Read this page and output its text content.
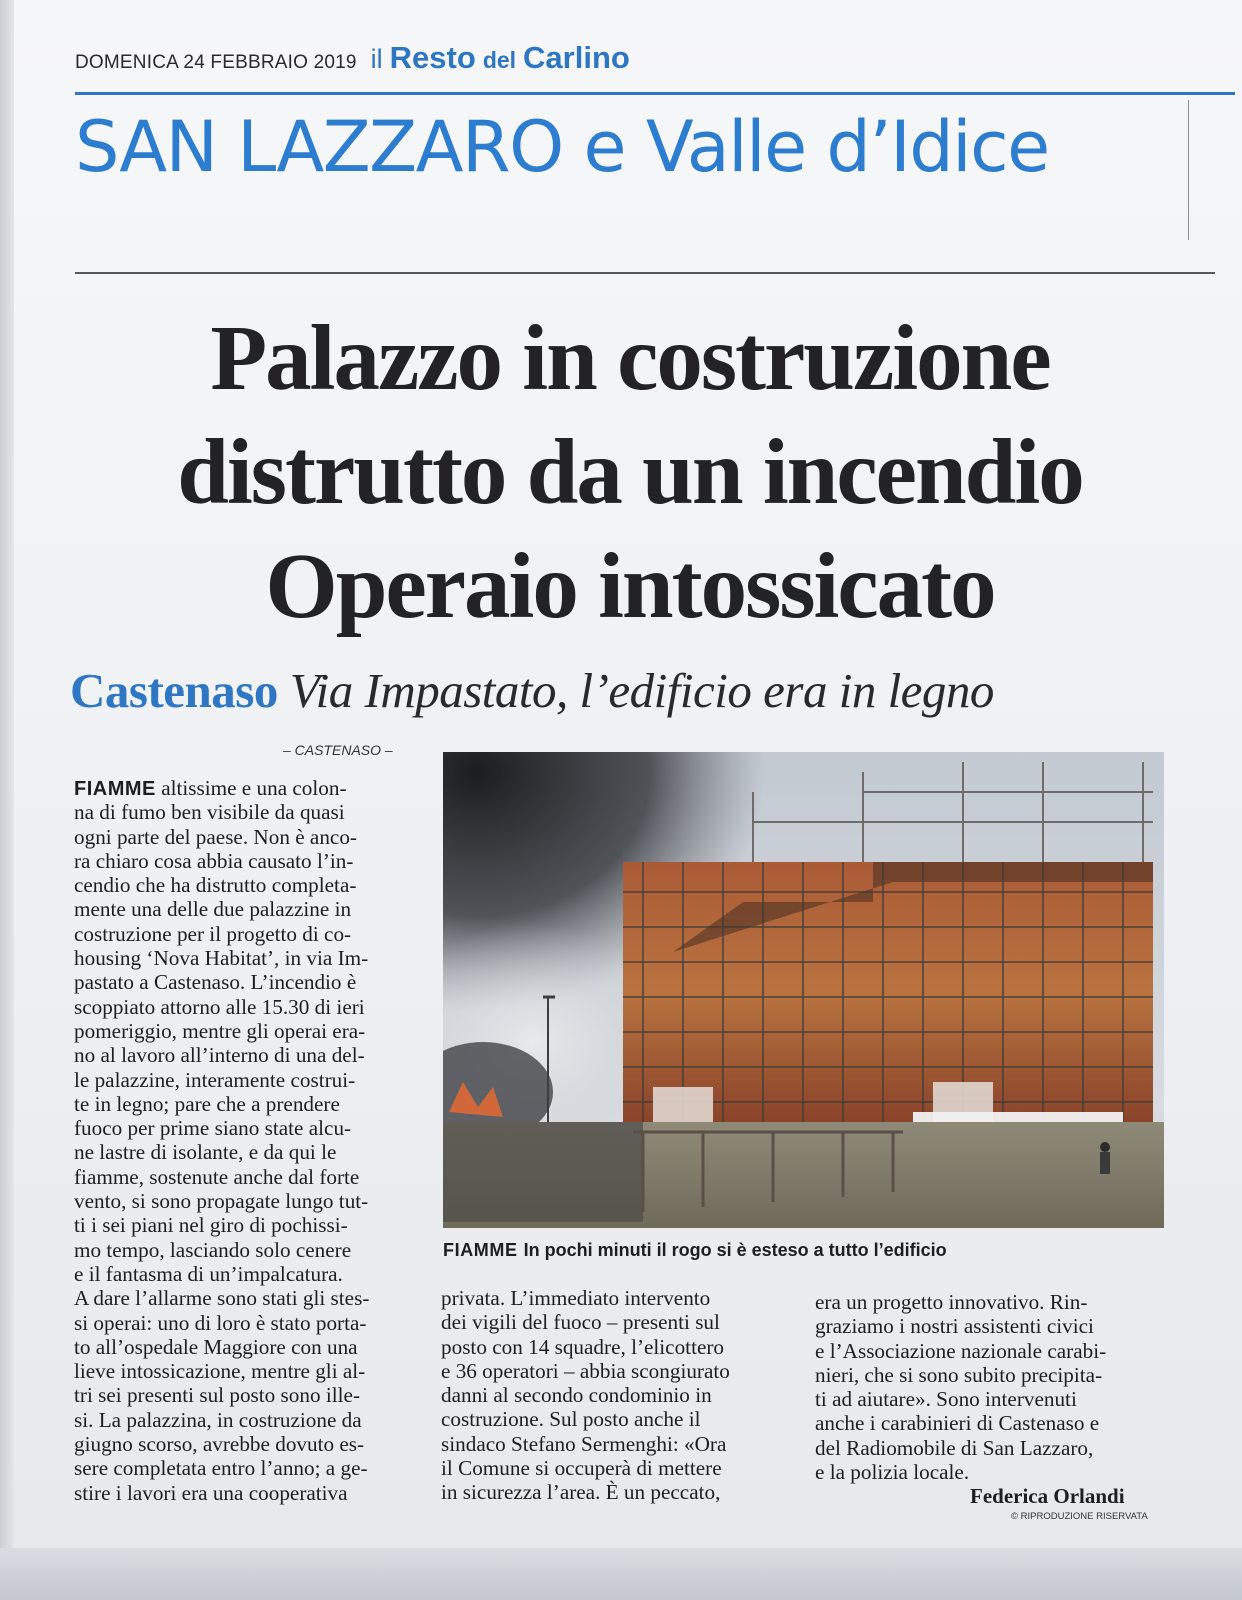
DOMENICA 24 FEBBRAIO 2019 il Resto del Carlino
SAN LAZZARO e Valle d’Idice
Palazzo in costruzione
distrutto da un incendio
Operaio intossicato
Castenaso Via Impastato, l’edificio era in legno
– CASTENASO –
FIAMME altissime e una colon-
na di fumo ben visibile da quasi
ogni parte del paese. Non è anco-
ra chiaro cosa abbia causato l’in-
cendio che ha distrutto completa-
mente una delle due palazzine in
costruzione per il progetto di co-
housing ‘Nova Habitat’, in via Im-
pastato a Castenaso. L’incendio è
scoppiato attorno alle 15.30 di ieri
pomeriggio, mentre gli operai era-
no al lavoro all’interno di una del-
le palazzine, interamente costrui-
te in legno; pare che a prendere
fuoco per prime siano state alcu-
ne lastre di isolante, e da qui le
fiamme, sostenute anche dal forte
vento, si sono propagate lungo tut-
ti i sei piani nel giro di pochissi-
mo tempo, lasciando solo cenere
e il fantasma di un’impalcatura.
A dare l’allarme sono stati gli stes-
si operai: uno di loro è stato porta-
to all’ospedale Maggiore con una
lieve intossicazione, mentre gli al-
tri sei presenti sul posto sono ille-
si. La palazzina, in costruzione da
giugno scorso, avrebbe dovuto es-
sere completata entro l’anno; a ge-
stire i lavori era una cooperativa
FIAMME In pochi minuti il rogo si è esteso a tutto l’edificio
privata. L’immediato intervento
dei vigili del fuoco – presenti sul
posto con 14 squadre, l’elicottero
e 36 operatori – abbia scongiurato
danni al secondo condominio in
costruzione. Sul posto anche il
sindaco Stefano Sermenghi: «Ora
il Comune si occuperà di mettere
in sicurezza l’area. È un peccato,
era un progetto innovativo. Rin-
graziamo i nostri assistenti civici
e l’Associazione nazionale carabi-
nieri, che si sono subito precipita-
ti ad aiutare». Sono intervenuti
anche i carabinieri di Castenaso e
del Radiomobile di San Lazzaro,
e la polizia locale.
Federica Orlandi
© RIPRODUZIONE RISERVATA
